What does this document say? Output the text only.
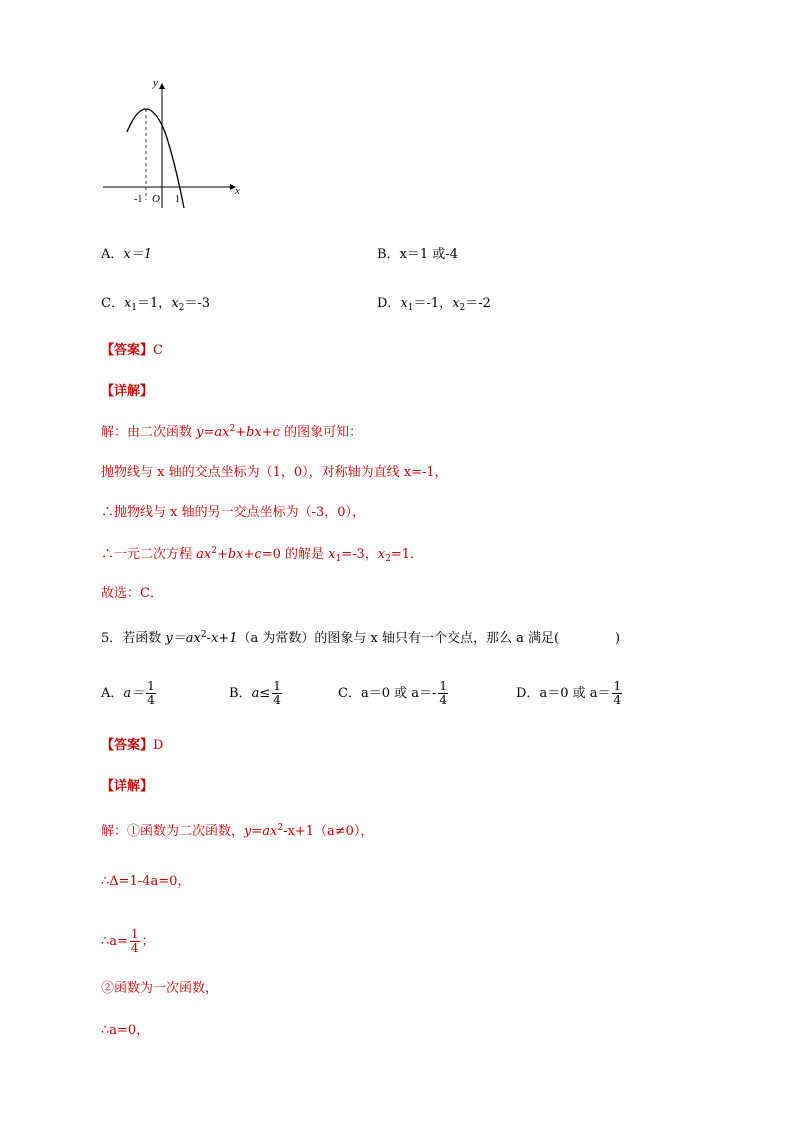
x
y
O
-1	1
A．x＝1	B．x＝1 或-4
C．$x_1=1$，$x_2=-3$	D．$x_1=-1$，$x_2=-2$
【答案】C
【详解】
解：由二次函数 $y=ax^2+bx+c$ 的图象可知：
抛物线与 x 轴的交点坐标为（1，0），对称轴为直线 x=-1，
∴抛物线与 x 轴的另一交点坐标为（-3，0），
∴一元二次方程 $ax^2+bx+c=0$ 的解是 $x_1=-3$，$x_2=1$．
故选：C．
5．若函数 $y=ax^2-x+1(a$ 为常数）的图象与 x 轴只有一个交点，那么 a 满足(	)
A．$a= \frac{1}{4}$	B．$a\le \frac{1}{4}$	C．a＝0 或 $a=- \frac{1}{4}$	D．a＝0 或 $a= \frac{1}{4}$
【答案】D
【详解】
解：①函数为二次函数，$y=ax^2-x+1(a\ne 0)$，
∴Δ=1-4a=0，
∴a= $\frac{1}{4}$ ；
②函数为一次函数，
∴a=0，
